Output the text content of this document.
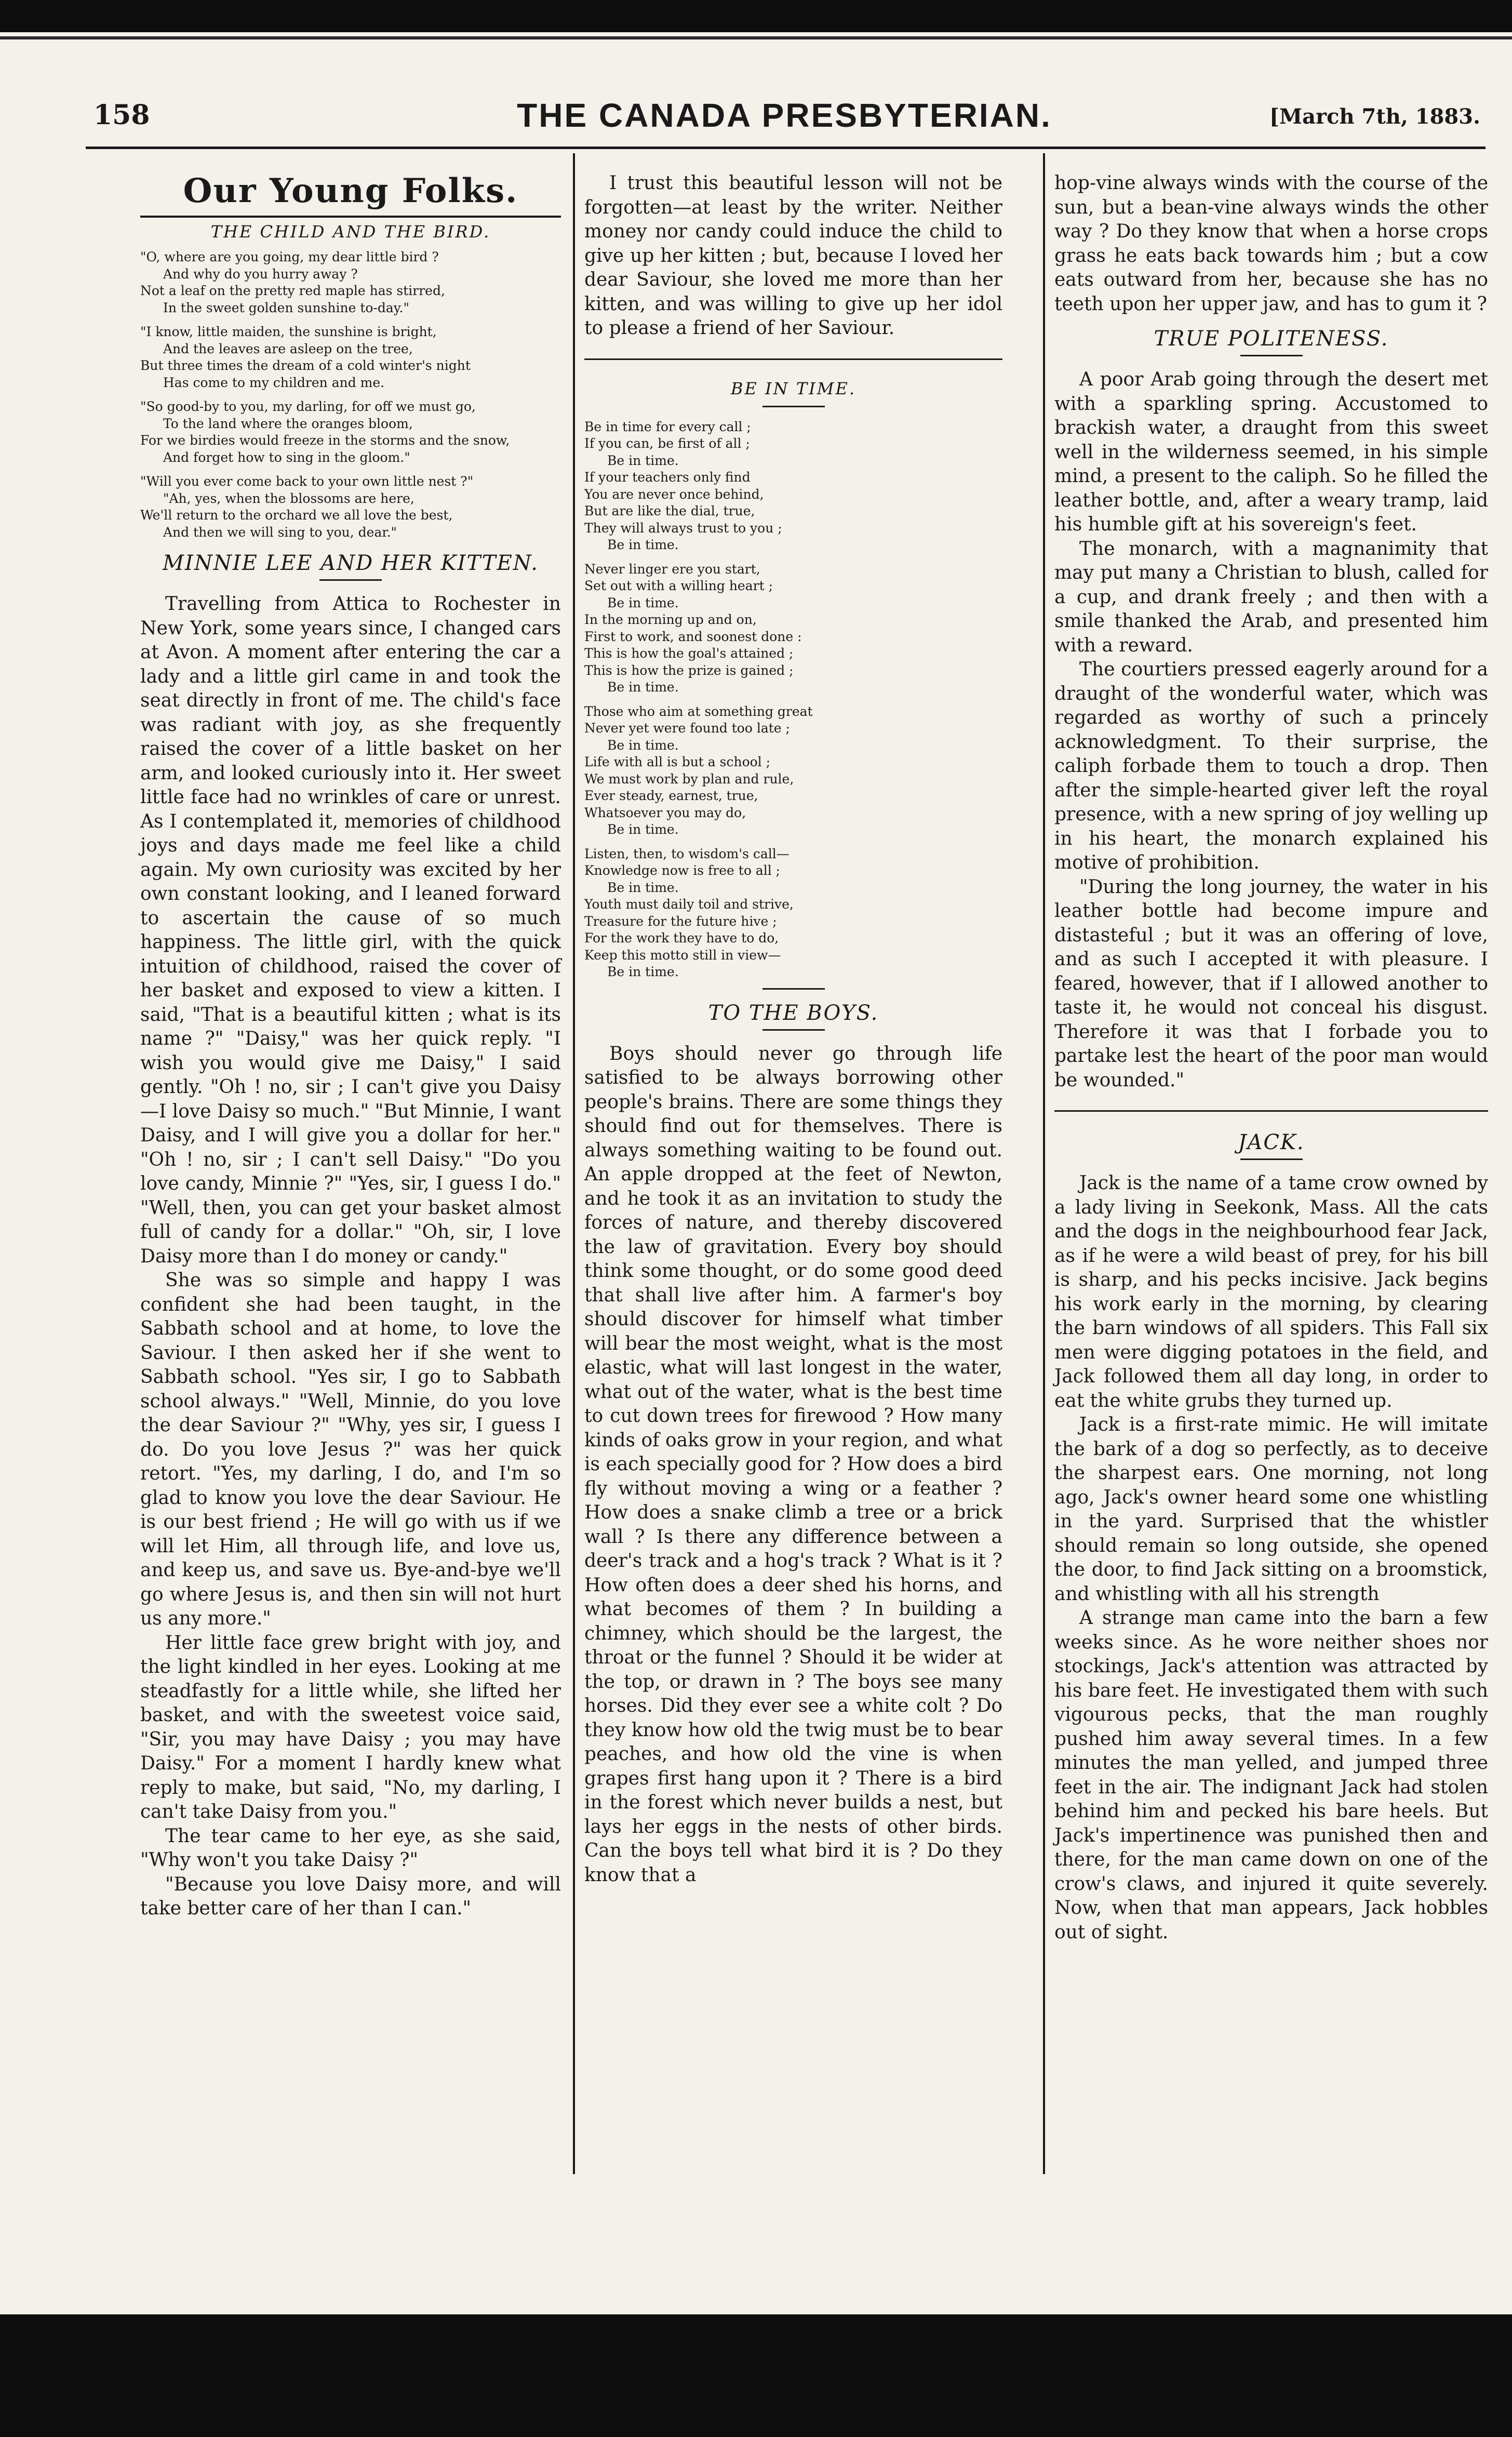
158	THE CANADA PRESBYTERIAN.	[March 7th, 1883.
Our Young Folks.
THE CHILD AND THE BIRD.
"O, where are you going, my dear little bird ?
And why do you hurry away ?
Not a leaf on the pretty red maple has stirred,
In the sweet golden sunshine to-day."
"I know, little maiden, the sunshine is bright,
And the leaves are asleep on the tree,
But three times the dream of a cold winter's night
Has come to my children and me.
"So good-by to you, my darling, for off we must go,
To the land where the oranges bloom,
For we birdies would freeze in the storms and the snow,
And forget how to sing in the gloom."
"Will you ever come back to your own little nest ?"
"Ah, yes, when the blossoms are here,
We'll return to the orchard we all love the best,
And then we will sing to you, dear."
MINNIE LEE AND HER KITTEN.

Travelling from Attica to Rochester in New York, some years since, I changed cars at Avon. A moment after entering the car a lady and a little girl came in and took the seat directly in front of me. The child's face was radiant with joy, as she frequently raised the cover of a little basket on her arm, and looked curiously into it. Her sweet little face had no wrinkles of care or unrest. As I contemplated it, memories of childhood joys and days made me feel like a child again. My own curiosity was excited by her own constant looking, and I leaned forward to ascertain the cause of so much happiness. The little girl, with the quick intuition of childhood, raised the cover of her basket and exposed to view a kitten. I said, "That is a beautiful kitten ; what is its name ?" "Daisy," was her quick reply. "I wish you would give me Daisy," I said gently. "Oh ! no, sir ; I can't give you Daisy—I love Daisy so much." "But Minnie, I want Daisy, and I will give you a dollar for her." "Oh ! no, sir ; I can't sell Daisy." "Do you love candy, Minnie ?" "Yes, sir, I guess I do." "Well, then, you can get your basket almost full of candy for a dollar." "Oh, sir, I love Daisy more than I do money or candy."

She was so simple and happy I was confident she had been taught, in the Sabbath school and at home, to love the Saviour. I then asked her if she went to Sabbath school. "Yes sir, I go to Sabbath school always." "Well, Minnie, do you love the dear Saviour ?" "Why, yes sir, I guess I do. Do you love Jesus ?" was her quick retort. "Yes, my darling, I do, and I'm so glad to know you love the dear Saviour. He is our best friend ; He will go with us if we will let Him, all through life, and love us, and keep us, and save us. Bye-and-bye we'll go where Jesus is, and then sin will not hurt us any more."

Her little face grew bright with joy, and the light kindled in her eyes. Looking at me steadfastly for a little while, she lifted her basket, and with the sweetest voice said, "Sir, you may have Daisy ; you may have Daisy." For a moment I hardly knew what reply to make, but said, "No, my darling, I can't take Daisy from you."

The tear came to her eye, as she said, "Why won't you take Daisy ?"

"Because you love Daisy more, and will take better care of her than I can."

I trust this beautiful lesson will not be forgotten—at least by the writer. Neither money nor candy could induce the child to give up her kitten ; but, because I loved her dear Saviour, she loved me more than her kitten, and was willing to give up her idol to please a friend of her Saviour.

BE IN TIME.
Be in time for every call ;
If you can, be first of all ;
Be in time.
If your teachers only find
You are never once behind,
But are like the dial, true,
They will always trust to you ;
Be in time.
Never linger ere you start,
Set out with a willing heart ;
Be in time.
In the morning up and on,
First to work, and soonest done :
This is how the goal's attained ;
This is how the prize is gained ;
Be in time.
Those who aim at something great
Never yet were found too late ;
Be in time.
Life with all is but a school ;
We must work by plan and rule,
Ever steady, earnest, true,
Whatsoever you may do,
Be in time.
Listen, then, to wisdom's call—
Knowledge now is free to all ;
Be in time.
Youth must daily toil and strive,
Treasure for the future hive ;
For the work they have to do,
Keep this motto still in view—
Be in time.
TO THE BOYS.

Boys should never go through life satisfied to be always borrowing other people's brains. There are some things they should find out for themselves. There is always something waiting to be found out. An apple dropped at the feet of Newton, and he took it as an invitation to study the forces of nature, and thereby discovered the law of gravitation. Every boy should think some thought, or do some good deed that shall live after him. A farmer's boy should discover for himself what timber will bear the most weight, what is the most elastic, what will last longest in the water, what out of the water, what is the best time to cut down trees for firewood ? How many kinds of oaks grow in your region, and what is each specially good for ? How does a bird fly without moving a wing or a feather ? How does a snake climb a tree or a brick wall ? Is there any difference between a deer's track and a hog's track ? What is it ? How often does a deer shed his horns, and what becomes of them ? In building a chimney, which should be the largest, the throat or the funnel ? Should it be wider at the top, or drawn in ? The boys see many horses. Did they ever see a white colt ? Do they know how old the twig must be to bear peaches, and how old the vine is when grapes first hang upon it ? There is a bird in the forest which never builds a nest, but lays her eggs in the nests of other birds. Can the boys tell what bird it is ? Do they know that a

hop-vine always winds with the course of the sun, but a bean-vine always winds the other way ? Do they know that when a horse crops grass he eats back towards him ; but a cow eats outward from her, because she has no teeth upon her upper jaw, and has to gum it ?

TRUE POLITENESS.

A poor Arab going through the desert met with a sparkling spring. Accustomed to brackish water, a draught from this sweet well in the wilderness seemed, in his simple mind, a present to the caliph. So he filled the leather bottle, and, after a weary tramp, laid his humble gift at his sovereign's feet.

The monarch, with a magnanimity that may put many a Christian to blush, called for a cup, and drank freely ; and then with a smile thanked the Arab, and presented him with a reward.

The courtiers pressed eagerly around for a draught of the wonderful water, which was regarded as worthy of such a princely acknowledgment. To their surprise, the caliph forbade them to touch a drop. Then after the simple-hearted giver left the royal presence, with a new spring of joy welling up in his heart, the monarch explained his motive of prohibition.

"During the long journey, the water in his leather bottle had become impure and distasteful ; but it was an offering of love, and as such I accepted it with pleasure. I feared, however, that if I allowed another to taste it, he would not conceal his disgust. Therefore it was that I forbade you to partake lest the heart of the poor man would be wounded."

JACK.

Jack is the name of a tame crow owned by a lady living in Seekonk, Mass. All the cats and the dogs in the neighbourhood fear Jack, as if he were a wild beast of prey, for his bill is sharp, and his pecks incisive. Jack begins his work early in the morning, by clearing the barn windows of all spiders. This Fall six men were digging potatoes in the field, and Jack followed them all day long, in order to eat the white grubs they turned up.

Jack is a first-rate mimic. He will imitate the bark of a dog so perfectly, as to deceive the sharpest ears. One morning, not long ago, Jack's owner heard some one whistling in the yard. Surprised that the whistler should remain so long outside, she opened the door, to find Jack sitting on a broomstick, and whistling with all his strength

A strange man came into the barn a few weeks since. As he wore neither shoes nor stockings, Jack's attention was attracted by his bare feet. He investigated them with such vigourous pecks, that the man roughly pushed him away several times. In a few minutes the man yelled, and jumped three feet in the air. The indignant Jack had stolen behind him and pecked his bare heels. But Jack's impertinence was punished then and there, for the man came down on one of the crow's claws, and injured it quite severely. Now, when that man appears, Jack hobbles out of sight.
